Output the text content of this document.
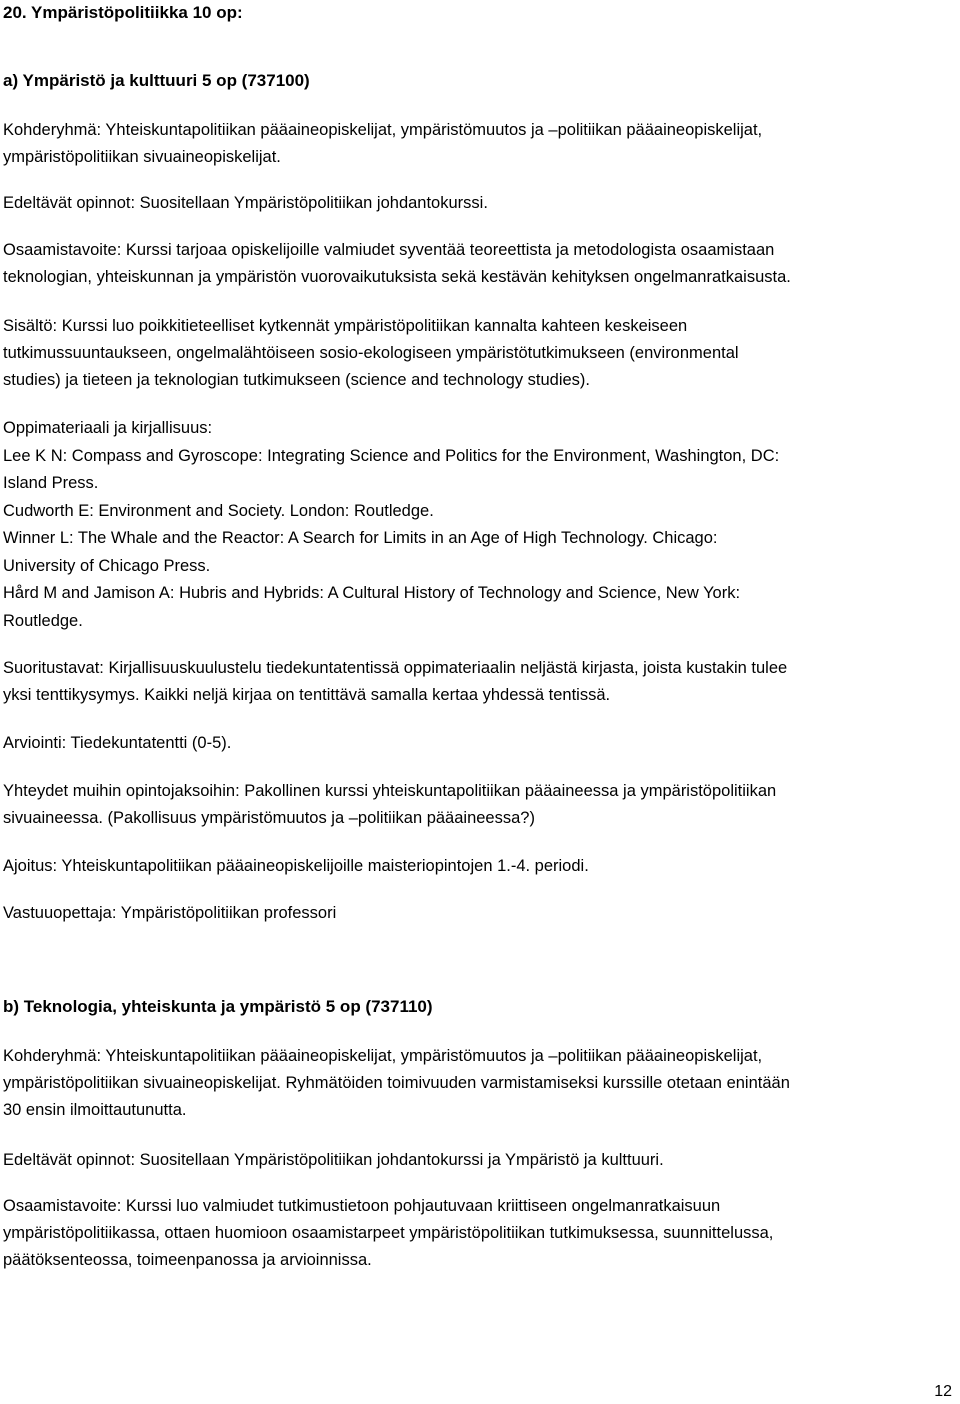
20. Ympäristöpolitiikka 10 op:
a) Ympäristö ja kulttuuri 5 op (737100)
Kohderyhmä: Yhteiskuntapolitiikan pääaineopiskelijat, ympäristömuutos ja –politiikan pääaineopiskelijat,
ympäristöpolitiikan sivuaineopiskelijat.
Edeltävät opinnot: Suositellaan Ympäristöpolitiikan johdantokurssi.
Osaamistavoite: Kurssi tarjoaa opiskelijoille valmiudet syventää teoreettista ja metodologista osaamistaan
teknologian, yhteiskunnan ja ympäristön vuorovaikutuksista sekä kestävän kehityksen ongelmanratkaisusta.
Sisältö: Kurssi luo poikkitieteelliset kytkennät ympäristöpolitiikan kannalta kahteen keskeiseen
tutkimussuuntaukseen, ongelmalähtöiseen sosio-ekologiseen ympäristötutkimukseen (environmental
studies) ja tieteen ja teknologian tutkimukseen (science and technology studies).
Oppimateriaali ja kirjallisuus:
Lee K N: Compass and Gyroscope: Integrating Science and Politics for the Environment, Washington, DC:
Island Press.
Cudworth E: Environment and Society. London: Routledge.
Winner L: The Whale and the Reactor: A Search for Limits in an Age of High Technology. Chicago:
University of Chicago Press.
Hård M and Jamison A: Hubris and Hybrids: A Cultural History of Technology and Science, New York:
Routledge.
Suoritustavat: Kirjallisuuskuulustelu tiedekuntatentissä oppimateriaalin neljästä kirjasta, joista kustakin tulee
yksi tenttikysymys. Kaikki neljä kirjaa on tentittävä samalla kertaa yhdessä tentissä.
Arviointi: Tiedekuntatentti (0-5).
Yhteydet muihin opintojaksoihin: Pakollinen kurssi yhteiskuntapolitiikan pääaineessa ja ympäristöpolitiikan
sivuaineessa. (Pakollisuus ympäristömuutos ja –politiikan pääaineessa?)
Ajoitus: Yhteiskuntapolitiikan pääaineopiskelijoille maisteriopintojen 1.-4. periodi.
Vastuuopettaja: Ympäristöpolitiikan professori
b) Teknologia, yhteiskunta ja ympäristö 5 op (737110)
Kohderyhmä: Yhteiskuntapolitiikan pääaineopiskelijat, ympäristömuutos ja –politiikan pääaineopiskelijat,
ympäristöpolitiikan sivuaineopiskelijat. Ryhmätöiden toimivuuden varmistamiseksi kurssille otetaan enintään
30 ensin ilmoittautunutta.
Edeltävät opinnot: Suositellaan Ympäristöpolitiikan johdantokurssi ja Ympäristö ja kulttuuri.
Osaamistavoite: Kurssi luo valmiudet tutkimustietoon pohjautuvaan kriittiseen ongelmanratkaisuun
ympäristöpolitiikassa, ottaen huomioon osaamistarpeet ympäristöpolitiikan tutkimuksessa, suunnittelussa,
päätöksenteossa, toimeenpanossa ja arvioinnissa.
12
